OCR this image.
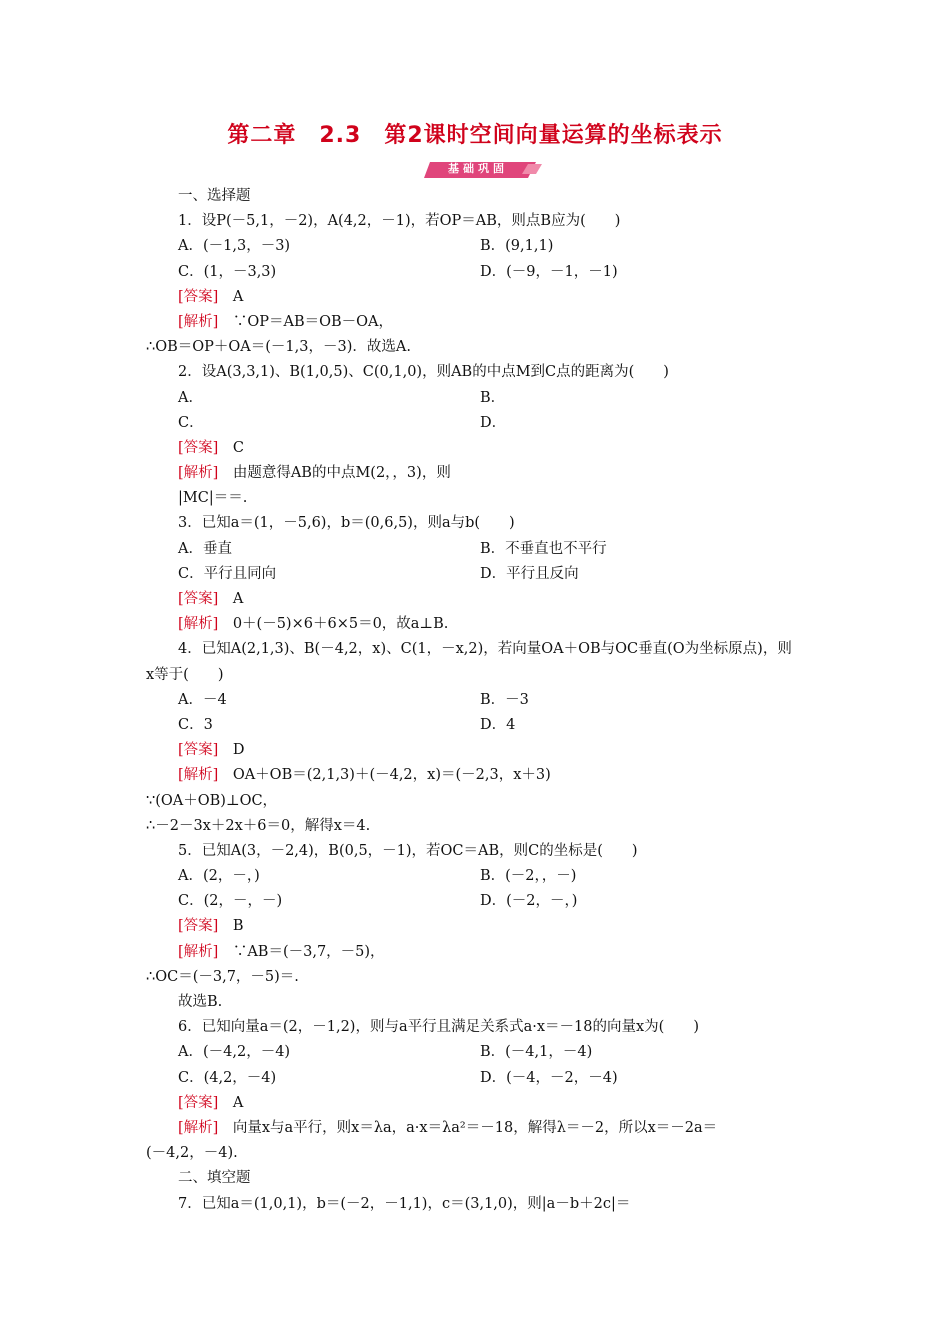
第二章　2.3　第2课时空间向量运算的坐标表示
基础巩固
一、选择题
1．设P(－5,1，－2)，A(4,2，－1)，若OP＝AB，则点B应为(　　)
A．(－1,3，－3)	B．(9,1,1)
C．(1，－3,3)	D．(－9，－1，－1)
[答案]　A
[解析]　∵OP＝AB＝OB－OA，
∴OB＝OP＋OA＝(－1,3，－3)．故选A.
2．设A(3,3,1)、B(1,0,5)、C(0,1,0)，则AB的中点M到C点的距离为(　　)
A．	B．
C．	D．
[答案]　C
[解析]　由题意得AB的中点M(2，，3)，则
|MC|＝＝.
3．已知a＝(1，－5,6)，b＝(0,6,5)，则a与b(　　)
A．垂直	B．不垂直也不平行
C．平行且同向	D．平行且反向
[答案]　A
[解析]　0＋(－5)×6＋6×5＝0，故a⊥B.
4．已知A(2,1,3)、B(－4,2，x)、C(1，－x,2)，若向量OA＋OB与OC垂直(O为坐标原点)，则
x等于(　　)
A．－4	B．－3
C．3	D．4
[答案]　D
[解析]　OA＋OB＝(2,1,3)＋(－4,2，x)＝(－2,3，x＋3)
∵(OA＋OB)⊥OC，
∴－2－3x＋2x＋6＝0，解得x＝4.
5．已知A(3，－2,4)，B(0,5，－1)，若OC＝AB，则C的坐标是(　　)
A．(2，－，)	B．(－2，，－)
C．(2，－，－)	D．(－2，－，)
[答案]　B
[解析]　∵AB＝(－3,7，－5)，
∴OC＝(－3,7，－5)＝.
故选B.
6．已知向量a＝(2，－1,2)，则与a平行且满足关系式a·x＝－18的向量x为(　　)
A．(－4,2，－4)	B．(－4,1，－4)
C．(4,2，－4)	D．(－4，－2，－4)
[答案]　A
[解析]　向量x与a平行，则x＝λa，a·x＝λa²＝－18，解得λ＝－2，所以x＝－2a＝
(－4,2，－4).
二、填空题
7．已知a＝(1,0,1)，b＝(－2，－1,1)，c＝(3,1,0)，则|a－b＋2c|＝
